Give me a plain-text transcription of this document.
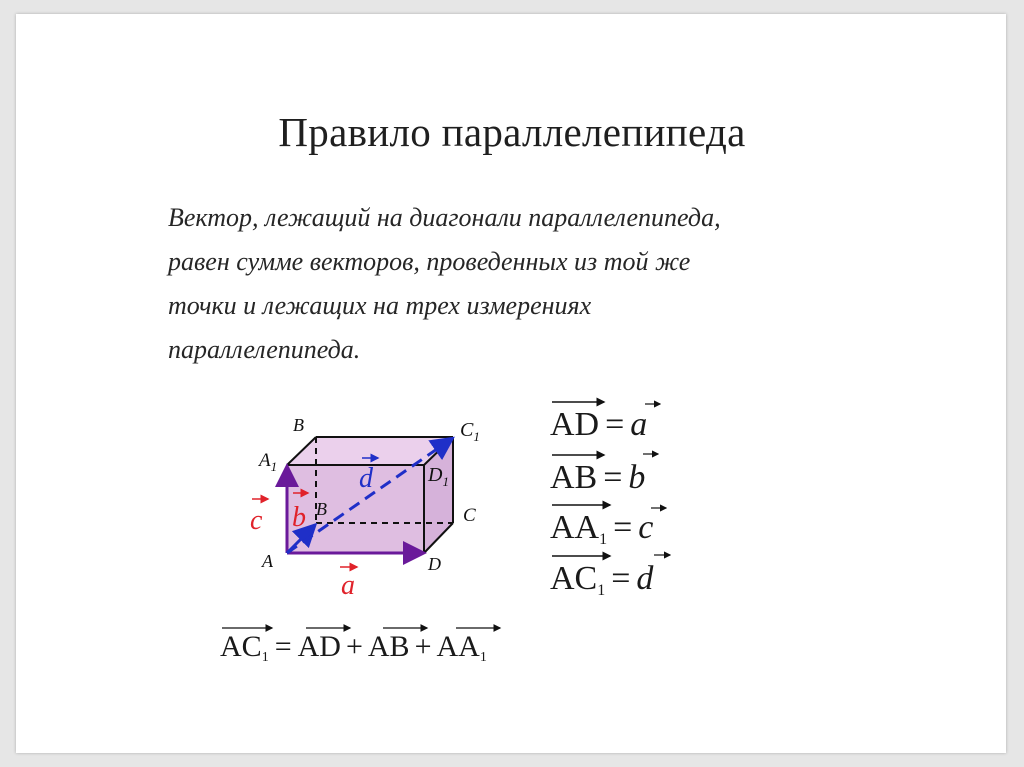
Правило параллелепипеда
Вектор, лежащий на диагонали параллелепипеда,
равен сумме векторов, проведенных из той же
точки и лежащих на трех измерениях
параллелепипеда.
B	$C_1$
$A_1$	$D_1$
C
B
A	D
a
c b
d
AD = a
AB = b
AA1 = c
AC1 = d
AC1 = AD + AB + AA1
